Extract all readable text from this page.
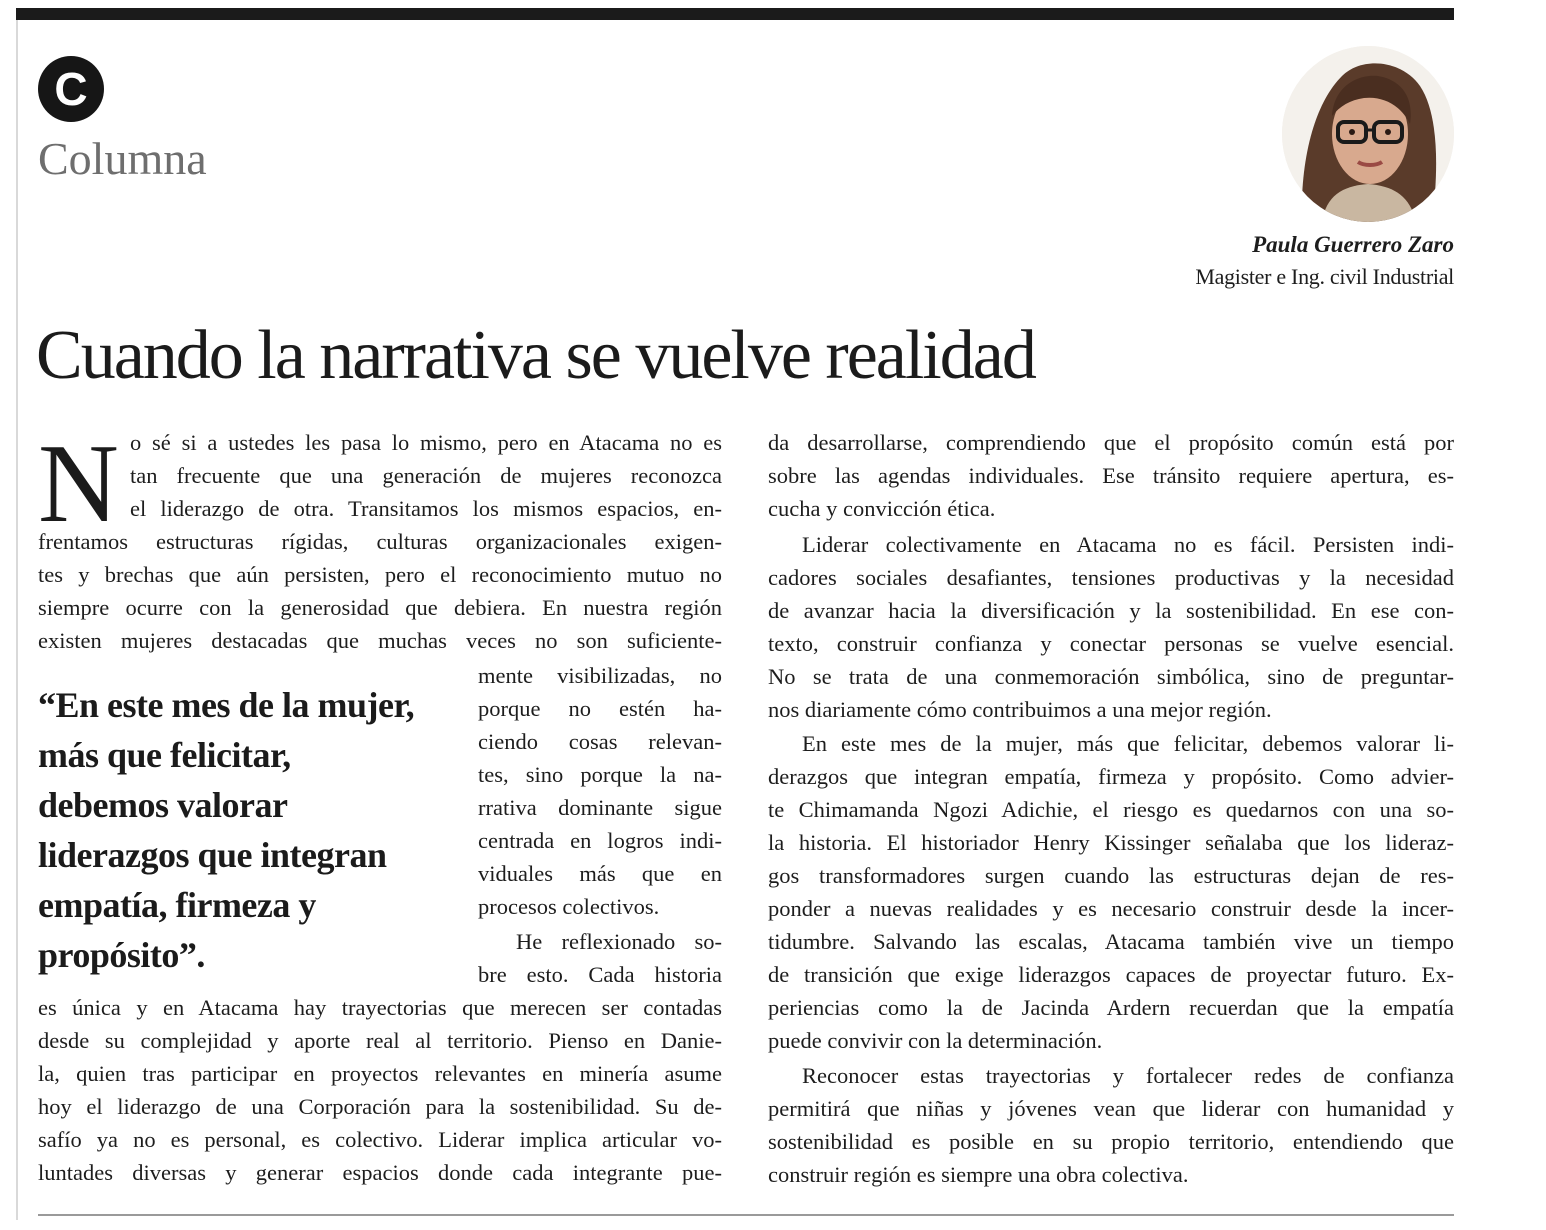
C
Columna
Paula Guerrero Zaro
Magister e Ing. civil Industrial
Cuando la narrativa se vuelve realidad
N o sé si a ustedes les pasa lo mismo, pero en Atacama no es
tan frecuente que una generación de mujeres reconozca
el liderazgo de otra. Transitamos los mismos espacios, en-

frentamos estructuras rígidas, culturas organizacionales exigen-
tes y brechas que aún persisten, pero el reconocimiento mutuo no
siempre ocurre con la generosidad que debiera. En nuestra región
existen mujeres destacadas que muchas veces no son suficiente-

“En este mes de la mujer,
más que felicitar,
debemos valorar
liderazgos que integran
empatía, firmeza y
propósito”.

mente visibilizadas, no
porque no estén ha-
ciendo cosas relevan-
tes, sino porque la na-
rrativa dominante sigue
centrada en logros indi-
viduales más que en
procesos colectivos.

He reflexionado so-
bre esto. Cada historia

es única y en Atacama hay trayectorias que merecen ser contadas
desde su complejidad y aporte real al territorio. Pienso en Danie-
la, quien tras participar en proyectos relevantes en minería asume
hoy el liderazgo de una Corporación para la sostenibilidad. Su de-
safío ya no es personal, es colectivo. Liderar implica articular vo-
luntades diversas y generar espacios donde cada integrante pue-

da desarrollarse, comprendiendo que el propósito común está por
sobre las agendas individuales. Ese tránsito requiere apertura, es-
cucha y convicción ética.

Liderar colectivamente en Atacama no es fácil. Persisten indi-
cadores sociales desafiantes, tensiones productivas y la necesidad
de avanzar hacia la diversificación y la sostenibilidad. En ese con-
texto, construir confianza y conectar personas se vuelve esencial.
No se trata de una conmemoración simbólica, sino de preguntar-
nos diariamente cómo contribuimos a una mejor región.

En este mes de la mujer, más que felicitar, debemos valorar li-
derazgos que integran empatía, firmeza y propósito. Como advier-
te Chimamanda Ngozi Adichie, el riesgo es quedarnos con una so-
la historia. El historiador Henry Kissinger señalaba que los lideraz-
gos transformadores surgen cuando las estructuras dejan de res-
ponder a nuevas realidades y es necesario construir desde la incer-
tidumbre. Salvando las escalas, Atacama también vive un tiempo
de transición que exige liderazgos capaces de proyectar futuro. Ex-
periencias como la de Jacinda Ardern recuerdan que la empatía
puede convivir con la determinación.

Reconocer estas trayectorias y fortalecer redes de confianza
permitirá que niñas y jóvenes vean que liderar con humanidad y
sostenibilidad es posible en su propio territorio, entendiendo que
construir región es siempre una obra colectiva.
